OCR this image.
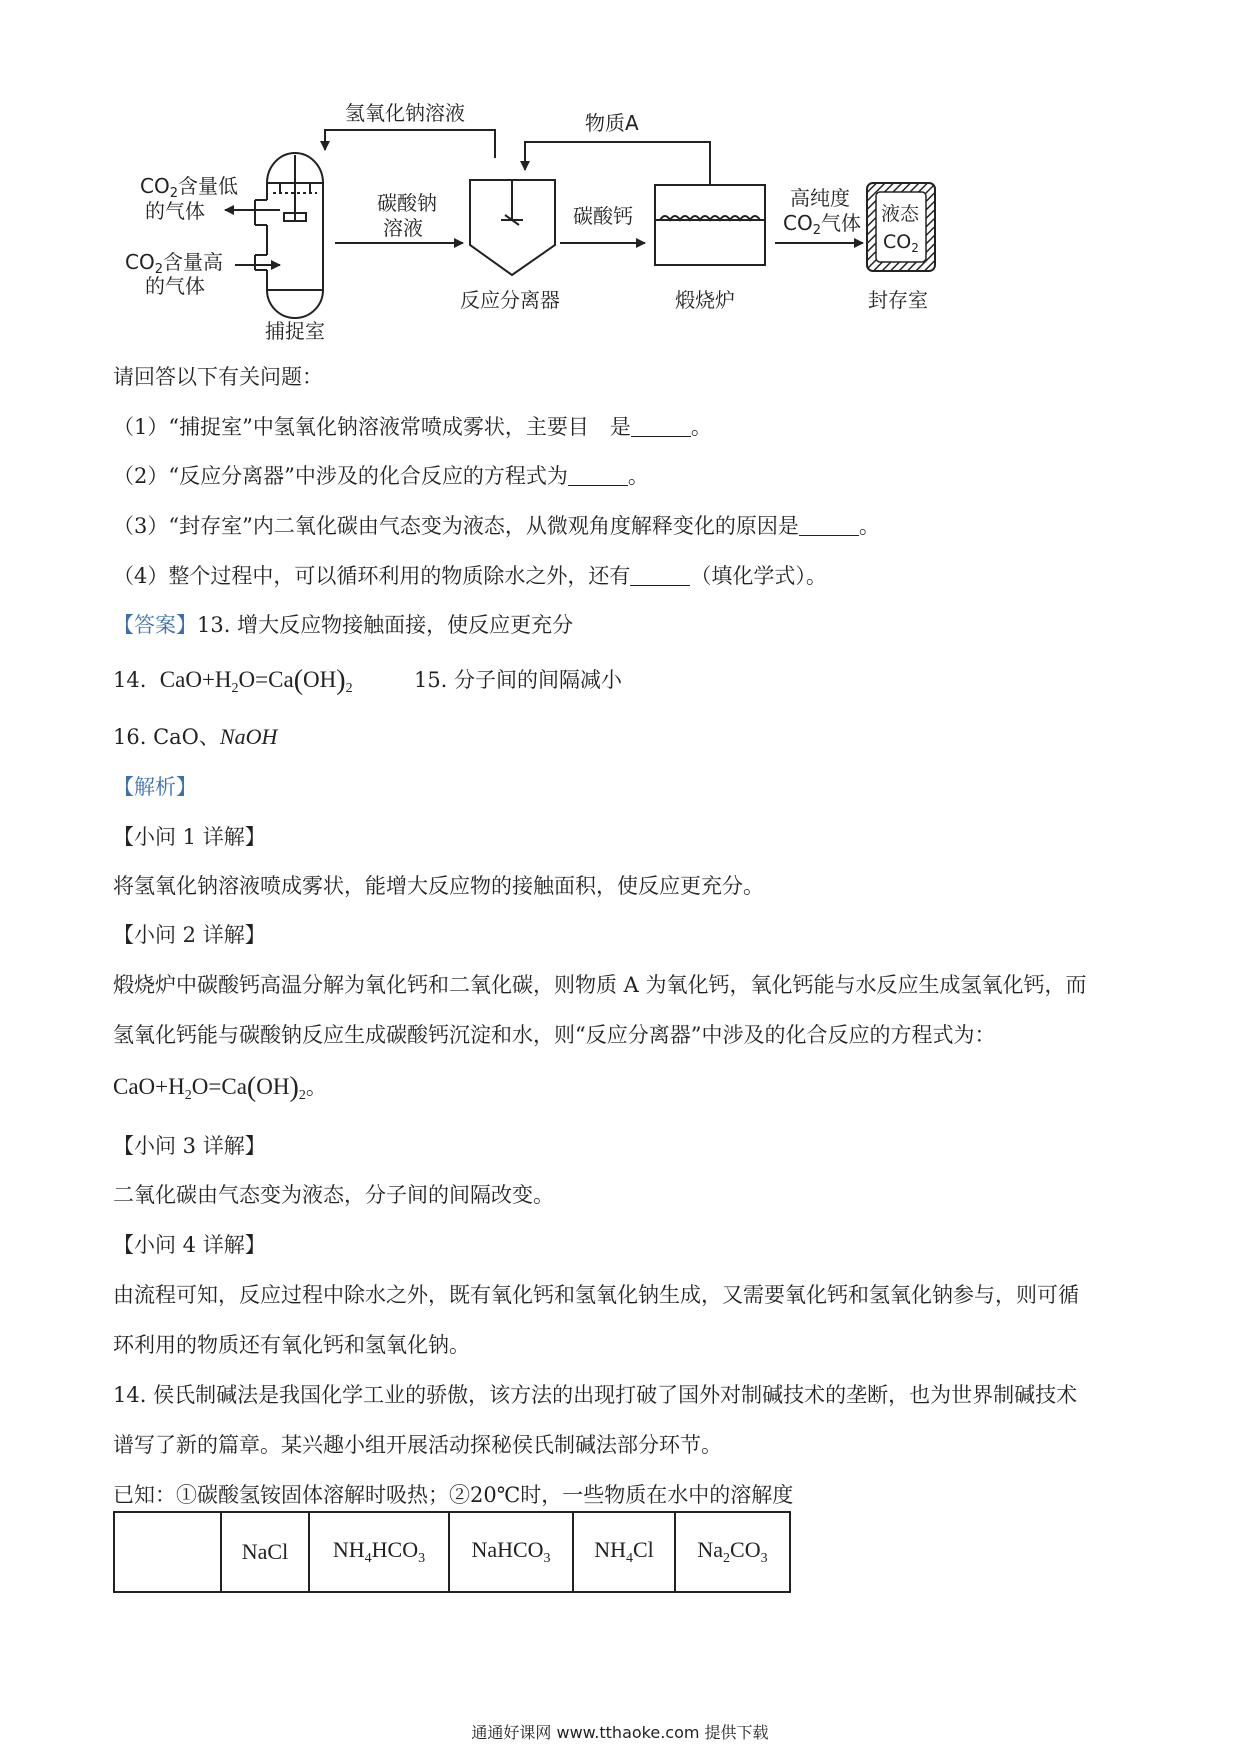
氢氧化钠溶液	物质A
$CO_2$含量低
的气体
$CO_2$含量高
的气体
捕捉室
碳酸钠
溶液
反应分离器
碳酸钙
煅烧炉
高纯度
$CO_2$气体 液态
$CO_2$
封存室
请回答以下有关问题：
（1）“捕捉室”中氢氧化钠溶液常喷成雾状，主要目　是	。
（2）“反应分离器”中涉及的化合反应的方程式为	。
（3）“封存室”内二氧化碳由气态变为液态，从微观角度解释变化的原因是	。
（4）整个过程中，可以循环利用的物质除水之外，还有	（填化学式）。
【答案】13. 增大反应物接触面接，使反应更充分
14. $CaO+H_2O=Ca(OH)_2$	15. 分子间的间隔减小
16. CaO、NaOH
【解析】
【小问 1 详解】
将氢氧化钠溶液喷成雾状，能增大反应物的接触面积，使反应更充分。
【小问 2 详解】
煅烧炉中碳酸钙高温分解为氧化钙和二氧化碳，则物质 A 为氧化钙，氧化钙能与水反应生成氢氧化钙，而
氢氧化钙能与碳酸钠反应生成碳酸钙沉淀和水，则“反应分离器”中涉及的化合反应的方程式为：
$CaO+H_2O=Ca(OH)_2$。
【小问 3 详解】
二氧化碳由气态变为液态，分子间的间隔改变。
【小问 4 详解】
由流程可知，反应过程中除水之外，既有氧化钙和氢氧化钠生成，又需要氧化钙和氢氧化钠参与，则可循
环利用的物质还有氧化钙和氢氧化钠。
14. 侯氏制碱法是我国化学工业的骄傲，该方法的出现打破了国外对制碱技术的垄断，也为世界制碱技术
谱写了新的篇章。某兴趣小组开展活动探秘侯氏制碱法部分环节。
已知：①碳酸氢铵固体溶解时吸热；②20℃时，一些物质在水中的溶解度
	NaCl	$NH_4HCO_3$	NaHCO$_3$	$NH_4Cl$	$Na_2CO_3$
通通好课网 www.tthaoke.com 提供下载
